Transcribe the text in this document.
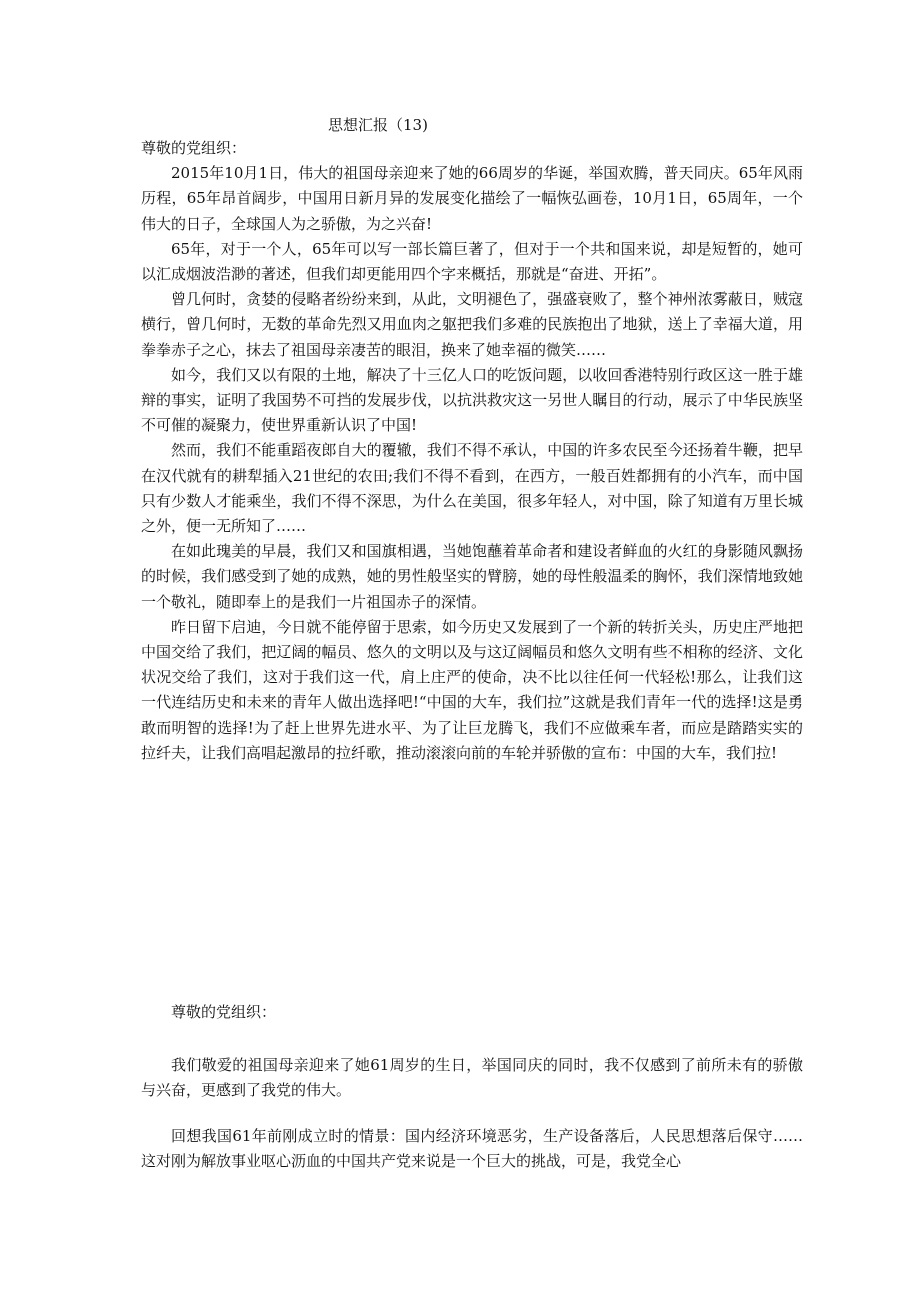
思想汇报（13)

尊敬的党组织：

2015年10月1日，伟大的祖国母亲迎来了她的66周岁的华诞，举国欢腾，普天同庆。65年风雨历程，65年昂首阔步，中国用日新月异的发展变化描绘了一幅恢弘画卷，10月1日，65周年，一个伟大的日子，全球国人为之骄傲，为之兴奋!

65年，对于一个人，65年可以写一部长篇巨著了，但对于一个共和国来说，却是短暂的，她可以汇成烟波浩渺的著述，但我们却更能用四个字来概括，那就是“奋进、开拓”。

曾几何时，贪婪的侵略者纷纷来到，从此，文明褪色了，强盛衰败了，整个神州浓雾蔽日，贼寇横行，曾几何时，无数的革命先烈又用血肉之躯把我们多难的民族抱出了地狱，送上了幸福大道，用拳拳赤子之心，抹去了祖国母亲凄苦的眼泪，换来了她幸福的微笑……

如今，我们又以有限的土地，解决了十三亿人口的吃饭问题，以收回香港特别行政区这一胜于雄辩的事实，证明了我国势不可挡的发展步伐，以抗洪救灾这一另世人瞩目的行动，展示了中华民族坚不可催的凝聚力，使世界重新认识了中国!

然而，我们不能重蹈夜郎自大的覆辙，我们不得不承认，中国的许多农民至今还扬着牛鞭，把早在汉代就有的耕犁插入21世纪的农田;我们不得不看到，在西方，一般百姓都拥有的小汽车，而中国只有少数人才能乘坐，我们不得不深思，为什么在美国，很多年轻人，对中国，除了知道有万里长城之外，便一无所知了……

在如此瑰美的早晨，我们又和国旗相遇，当她饱蘸着革命者和建设者鲜血的火红的身影随风飘扬的时候，我们感受到了她的成熟，她的男性般坚实的臂膀，她的母性般温柔的胸怀，我们深情地致她一个敬礼，随即奉上的是我们一片祖国赤子的深情。

昨日留下启迪，今日就不能停留于思索，如今历史又发展到了一个新的转折关头，历史庄严地把中国交给了我们，把辽阔的幅员、悠久的文明以及与这辽阔幅员和悠久文明有些不相称的经济、文化状况交给了我们，这对于我们这一代，肩上庄严的使命，决不比以往任何一代轻松!那么，让我们这一代连结历史和未来的青年人做出选择吧!“中国的大车，我们拉”这就是我们青年一代的选择!这是勇敢而明智的选择!为了赶上世界先进水平、为了让巨龙腾飞，我们不应做乘车者，而应是踏踏实实的拉纤夫，让我们高唱起激昂的拉纤歌，推动滚滚向前的车轮并骄傲的宣布：中国的大车，我们拉!

尊敬的党组织：

我们敬爱的祖国母亲迎来了她61周岁的生日，举国同庆的同时，我不仅感到了前所未有的骄傲与兴奋，更感到了我党的伟大。

回想我国61年前刚成立时的情景：国内经济环境恶劣，生产设备落后，人民思想落后保守……这对刚为解放事业呕心沥血的中国共产党来说是一个巨大的挑战，可是，我党全心
